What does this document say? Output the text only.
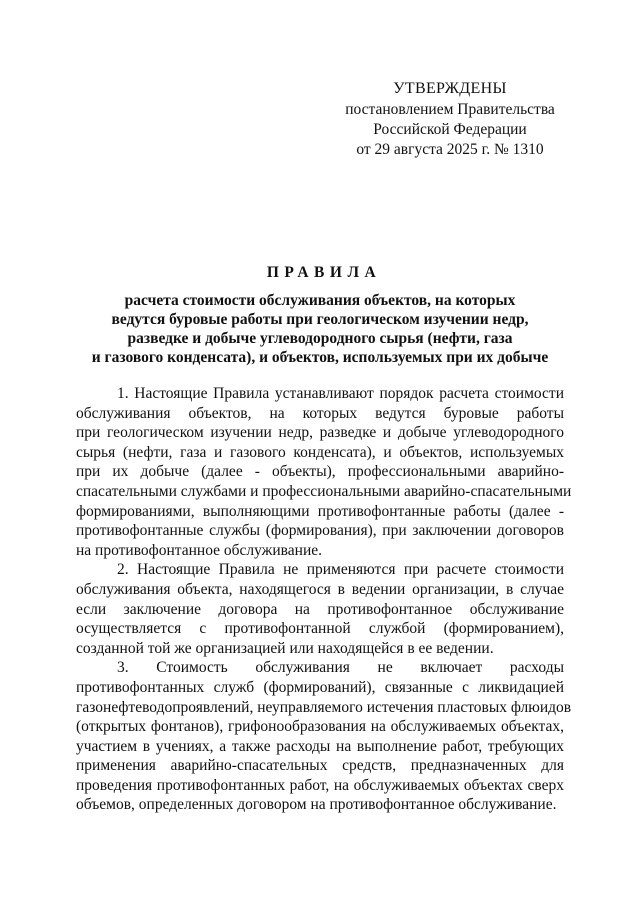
УТВЕРЖДЕНЫ
постановлением Правительства
Российской Федерации
от 29 августа 2025 г. № 1310
ПРАВИЛА
расчета стоимости обслуживания объектов, на которых
ведутся буровые работы при геологическом изучении недр,
разведке и добыче углеводородного сырья (нефти, газа
и газового конденсата), и объектов, используемых при их добыче
1. Настоящие Правила устанавливают порядок расчета стоимости
обслуживания объектов, на которых ведутся буровые работы
при геологическом изучении недр, разведке и добыче углеводородного
сырья (нефти, газа и газового конденсата), и объектов, используемых
при их добыче (далее - объекты), профессиональными аварийно-
спасательными службами и профессиональными аварийно-спасательными
формированиями, выполняющими противофонтанные работы (далее -
противофонтанные службы (формирования), при заключении договоров
на противофонтанное обслуживание.
2. Настоящие Правила не применяются при расчете стоимости
обслуживания объекта, находящегося в ведении организации, в случае
если заключение договора на противофонтанное обслуживание
осуществляется с противофонтанной службой (формированием),
созданной той же организацией или находящейся в ее ведении.
3. Стоимость обслуживания не включает расходы
противофонтанных служб (формирований), связанные с ликвидацией
газонефтеводопроявлений, неуправляемого истечения пластовых флюидов
(открытых фонтанов), грифонообразования на обслуживаемых объектах,
участием в учениях, а также расходы на выполнение работ, требующих
применения аварийно-спасательных средств, предназначенных для
проведения противофонтанных работ, на обслуживаемых объектах сверх
объемов, определенных договором на противофонтанное обслуживание.
